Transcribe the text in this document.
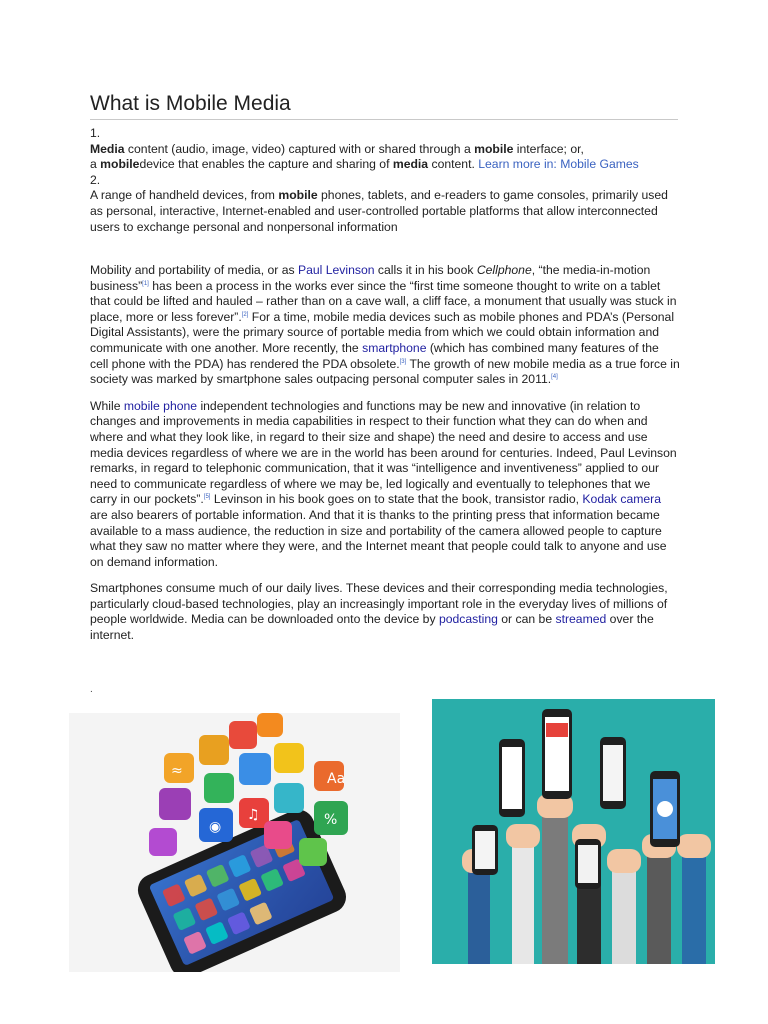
What is Mobile Media
1.
Media content (audio, image, video) captured with or shared through a mobile interface; or,
a mobiledevice that enables the capture and sharing of media content. Learn more in: Mobile Games
2.
A range of handheld devices, from mobile phones, tablets, and e-readers to game consoles, primarily used as personal, interactive, Internet-enabled and user-controlled portable platforms that allow interconnected users to exchange personal and nonpersonal information

Mobility and portability of media, or as Paul Levinson calls it in his book Cellphone, “the media-in-motion business”[1] has been a process in the works ever since the “first time someone thought to write on a tablet that could be lifted and hauled – rather than on a cave wall, a cliff face, a monument that usually was stuck in place, more or less forever”.[2] For a time, mobile media devices such as mobile phones and PDA’s (Personal Digital Assistants), were the primary source of portable media from which we could obtain information and communicate with one another. More recently, the smartphone (which has combined many features of the cell phone with the PDA) has rendered the PDA obsolete.[3] The growth of new mobile media as a true force in society was marked by smartphone sales outpacing personal computer sales in 2011.[4]

While mobile phone independent technologies and functions may be new and innovative (in relation to changes and improvements in media capabilities in respect to their function what they can do when and where and what they look like, in regard to their size and shape) the need and desire to access and use media devices regardless of where we are in the world has been around for centuries. Indeed, Paul Levinson remarks, in regard to telephonic communication, that it was “intelligence and inventiveness” applied to our need to communicate regardless of where we may be, led logically and eventually to telephones that we carry in our pockets”.[5] Levinson in his book goes on to state that the book, transistor radio, Kodak camera are also bearers of portable information. And that it is thanks to the printing press that information became available to a mass audience, the reduction in size and portability of the camera allowed people to capture what they saw no matter where they were, and the Internet meant that people could talk to anyone and use on demand information.

Smartphones consume much of our daily lives. These devices and their corresponding media technologies, particularly cloud-based technologies, play an increasingly important role in the everyday lives of millions of people worldwide. Media can be downloaded onto the device by podcasting or can be streamed over the internet.

.
≈	Aa
%
◉
♫
